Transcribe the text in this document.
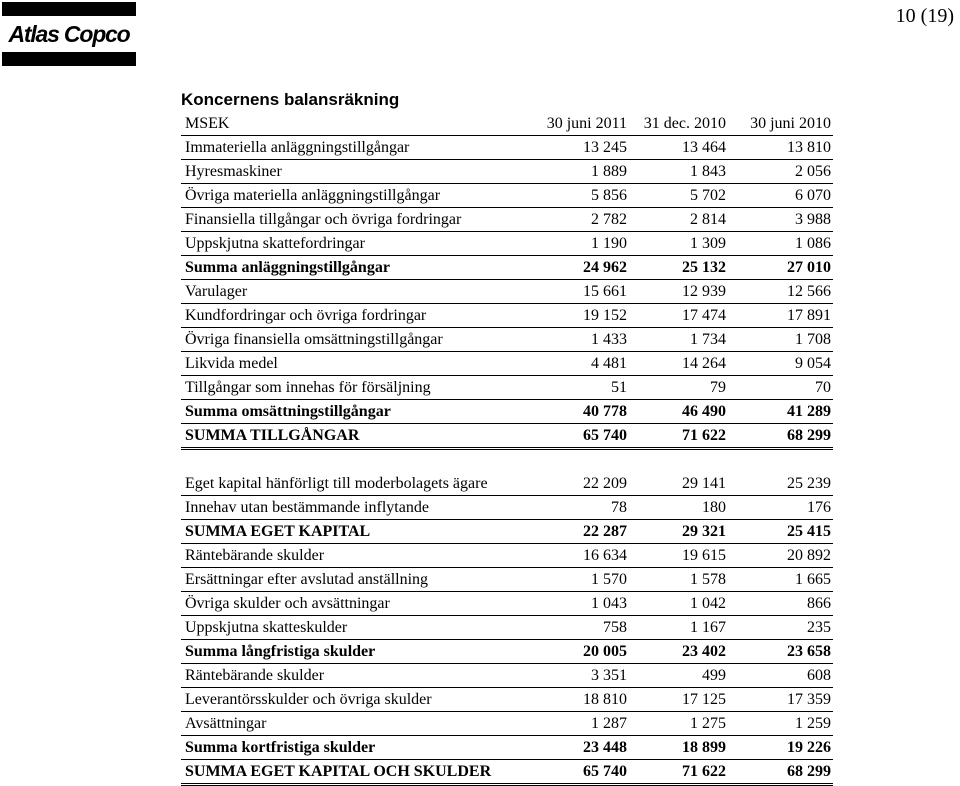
Atlas Copco
10 (19)
Koncernens balansräkning
MSEK	30 juni 2011	31 dec. 2010	30 juni 2010
Immateriella anläggningstillgångar	13 245	13 464	13 810
Hyresmaskiner	1 889	1 843	2 056
Övriga materiella anläggningstillgångar	5 856	5 702	6 070
Finansiella tillgångar och övriga fordringar	2 782	2 814	3 988
Uppskjutna skattefordringar	1 190	1 309	1 086
Summa anläggningstillgångar	24 962	25 132	27 010
Varulager	15 661	12 939	12 566
Kundfordringar och övriga fordringar	19 152	17 474	17 891
Övriga finansiella omsättningstillgångar	1 433	1 734	1 708
Likvida medel	4 481	14 264	9 054
Tillgångar som innehas för försäljning	51	79	70
Summa omsättningstillgångar	40 778	46 490	41 289
SUMMA TILLGÅNGAR	65 740	71 622	68 299

Eget kapital hänförligt till moderbolagets ägare	22 209	29 141	25 239
Innehav utan bestämmande inflytande	78	180	176
SUMMA EGET KAPITAL	22 287	29 321	25 415
Räntebärande skulder	16 634	19 615	20 892
Ersättningar efter avslutad anställning	1 570	1 578	1 665
Övriga skulder och avsättningar	1 043	1 042	866
Uppskjutna skatteskulder	758	1 167	235
Summa långfristiga skulder	20 005	23 402	23 658
Räntebärande skulder	3 351	499	608
Leverantörsskulder och övriga skulder	18 810	17 125	17 359
Avsättningar	1 287	1 275	1 259
Summa kortfristiga skulder	23 448	18 899	19 226
SUMMA EGET KAPITAL OCH SKULDER	65 740	71 622	68 299
